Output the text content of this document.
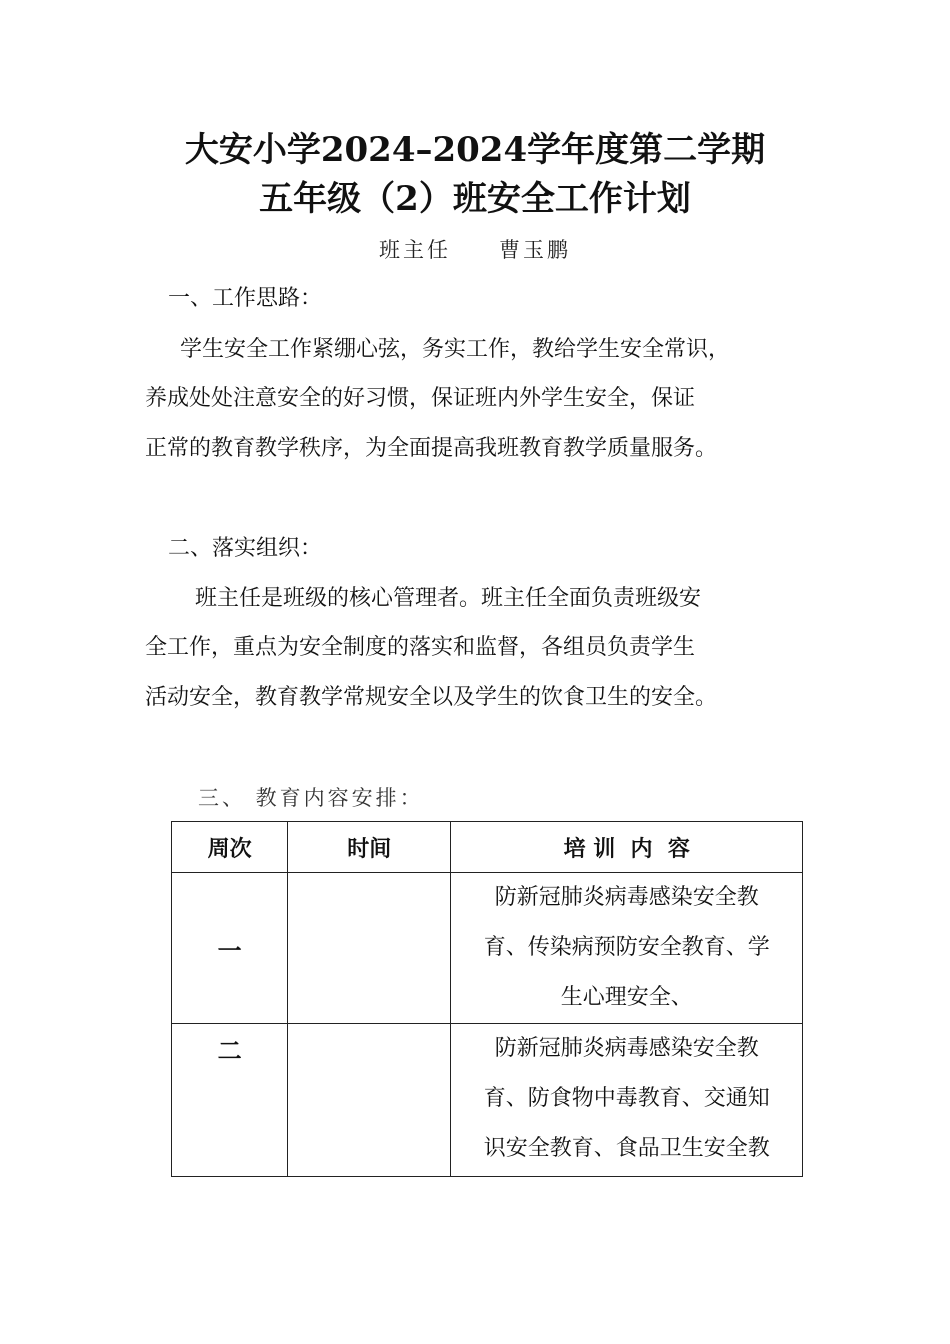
大安小学2024–2024学年度第二学期
五年级（2）班安全工作计划
班主任 曹玉鹏
一、工作思路：
学生安全工作紧绷心弦，务实工作，教给学生安全常识，
养成处处注意安全的好习惯，保证班内外学生安全，保证
正常的教育教学秩序，为全面提高我班教育教学质量服务。
二、落实组织：
班主任是班级的核心管理者。班主任全面负责班级安
全工作，重点为安全制度的落实和监督，各组员负责学生
活动安全，教育教学常规安全以及学生的饮食卫生的安全。
三、 教育内容安排：
周次	时间	培 训  内  容
一		防新冠肺炎病毒感染安全教
育、传染病预防安全教育、学
生心理安全、

二		防新冠肺炎病毒感染安全教
育、防食物中毒教育、交通知
识安全教育、食品卫生安全教
